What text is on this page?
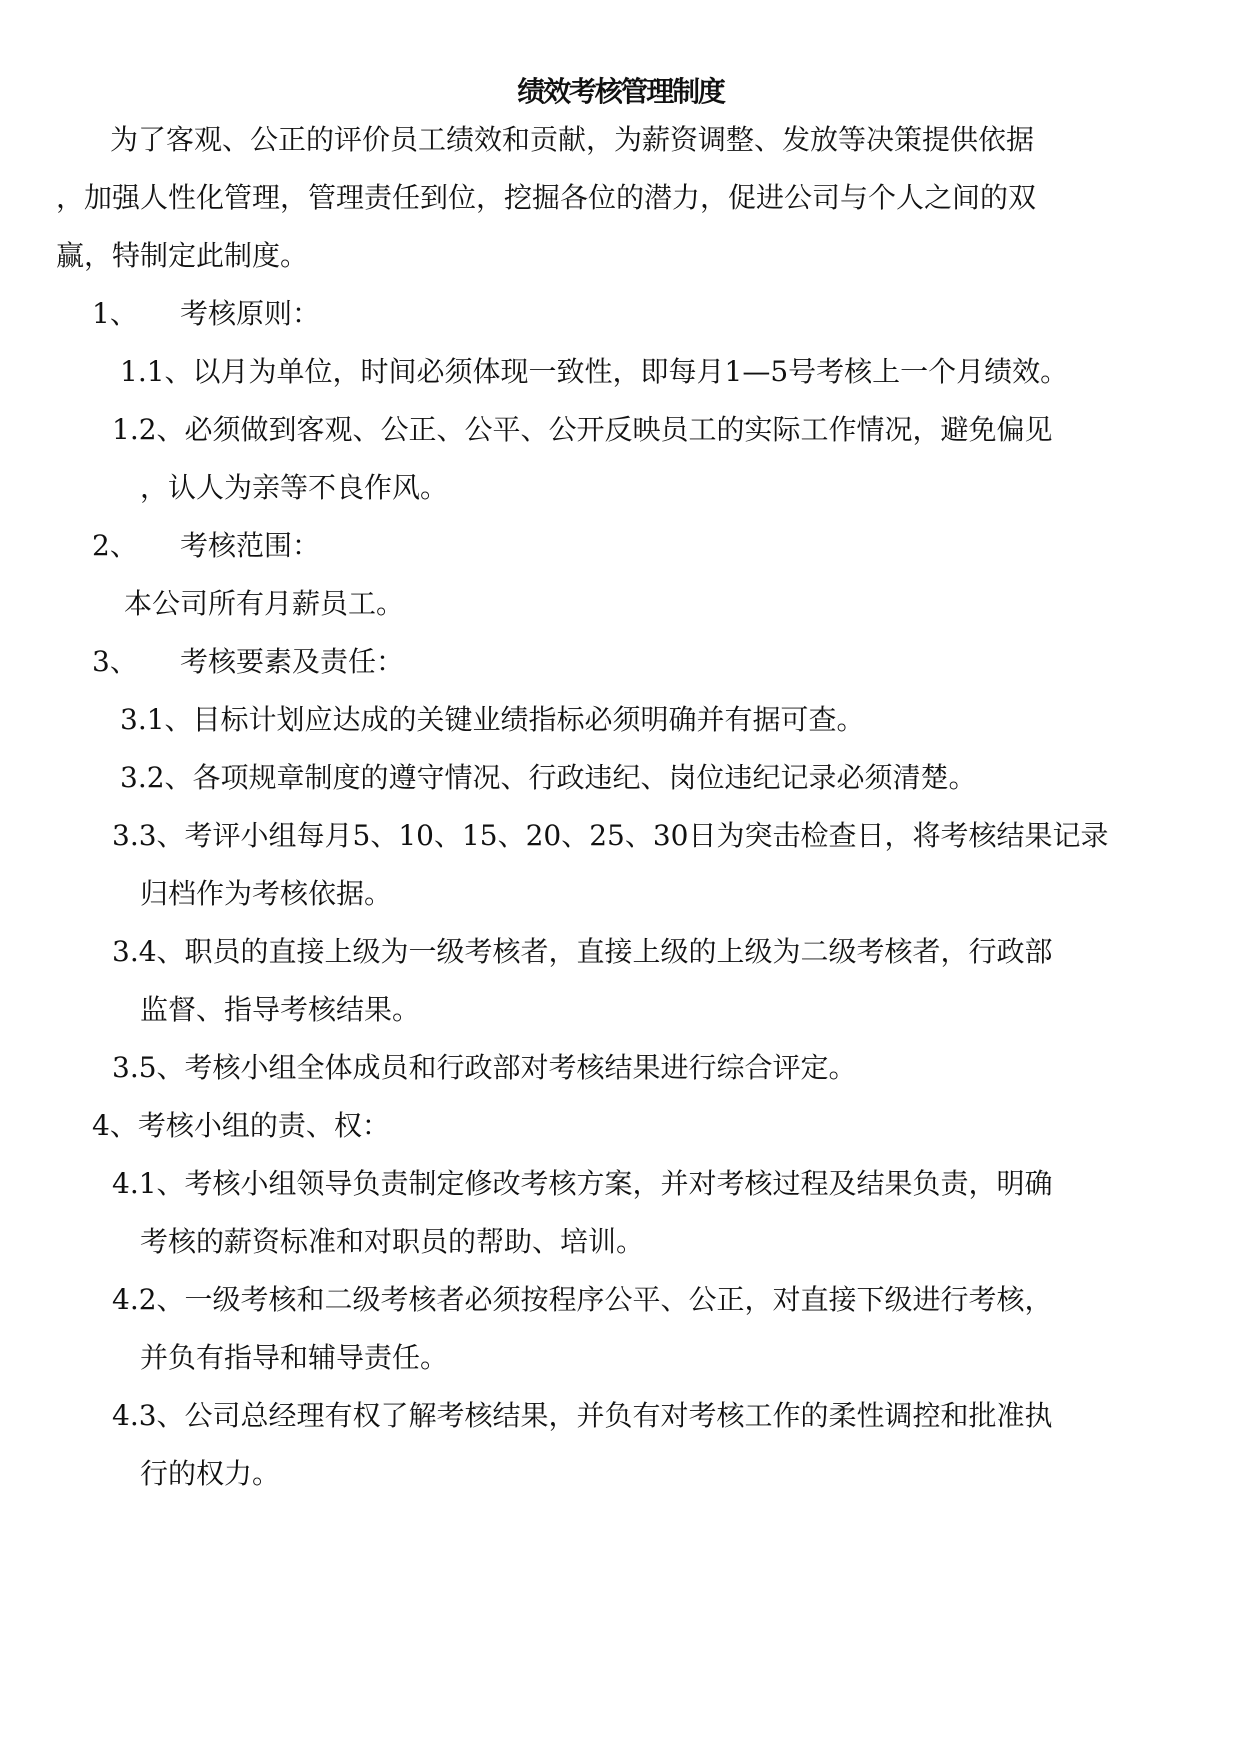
绩效考核管理制度
为了客观、公正的评价员工绩效和贡献，为薪资调整、发放等决策提供依据
，加强人性化管理，管理责任到位，挖掘各位的潜力，促进公司与个人之间的双
赢，特制定此制度。
1、 考核原则：
1.1、以月为单位，时间必须体现一致性，即每月1—5号考核上一个月绩效。
1.2、必须做到客观、公正、公平、公开反映员工的实际工作情况，避免偏见
，认人为亲等不良作风。
2、 考核范围：
本公司所有月薪员工。
3、 考核要素及责任：
3.1、目标计划应达成的关键业绩指标必须明确并有据可查。
3.2、各项规章制度的遵守情况、行政违纪、岗位违纪记录必须清楚。
3.3、考评小组每月5、10、15、20、25、30日为突击检查日，将考核结果记录
归档作为考核依据。
3.4、职员的直接上级为一级考核者，直接上级的上级为二级考核者，行政部
监督、指导考核结果。
3.5、考核小组全体成员和行政部对考核结果进行综合评定。
4、考核小组的责、权：
4.1、考核小组领导负责制定修改考核方案，并对考核过程及结果负责，明确
考核的薪资标准和对职员的帮助、培训。
4.2、一级考核和二级考核者必须按程序公平、公正，对直接下级进行考核，
并负有指导和辅导责任。
4.3、公司总经理有权了解考核结果，并负有对考核工作的柔性调控和批准执
行的权力。
